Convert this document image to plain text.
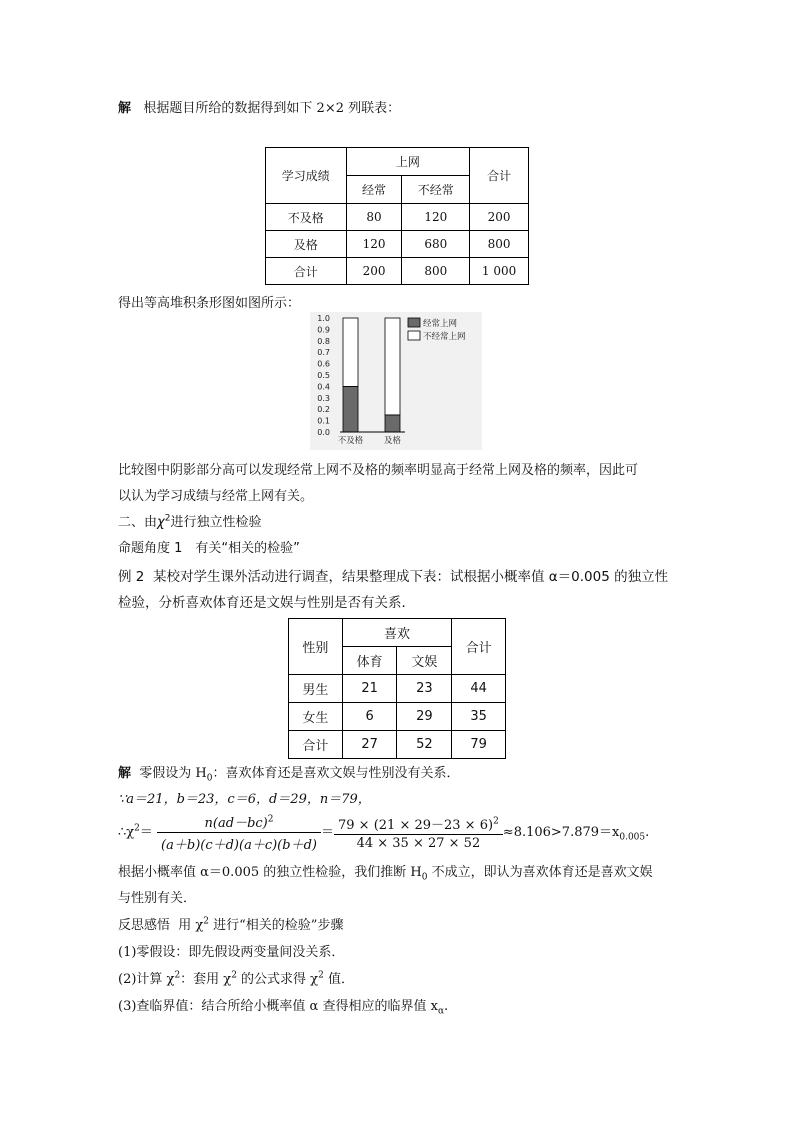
解 根据题目所给的数据得到如下 2×2 列联表：
学习成绩	上网		合计
	经常	不经常	
不及格	80	120	200
及格	120	680	800
合计	200	800	1 000
得出等高堆积条形图如图所示：
1.0
0.9
0.8
0.7
0.6
0.5
0.4
0.3
0.2
0.1
0.0
不及格 及格
经常上网
不经常上网
比较图中阴影部分高可以发现经常上网不及格的频率明显高于经常上网及格的频率，因此可
以认为学习成绩与经常上网有关。
二、由$\chi^2$进行独立性检验
命题角度 1　有关“相关的检验”
例 2 某校对学生课外活动进行调查，结果整理成下表：试根据小概率值 α＝0.005 的独立性
检验，分析喜欢体育还是文娱与性别是否有关系．
性别	喜欢		合计
	体育	文娱	
男生	21	23	44
女生	6	29	35
合计	27	52	79
解 零假设为 $H_0$：喜欢体育还是喜欢文娱与性别没有关系．
∵a＝21，b＝23，c＝6，d＝29，n＝79，
$\therefore\chi^2= \frac{n(ad-bc)^2}{(a+b)(c+d)(a+c)(b+d)} = \frac{79 \times (21 \times 29-23 \times 6)^2}{44 \times 35 \times 27 \times 52} \approx 8.106>7.879=x_{0.005}$.
根据小概率值 α＝0.005 的独立性检验，我们推断 $H_0$ 不成立，即认为喜欢体育还是喜欢文娱
与性别有关．
反思感悟 用 $\chi^2$ 进行“相关的检验”步骤
(1)零假设：即先假设两变量间没关系．
(2)计算 $\chi^2$：套用 $\chi^2$ 的公式求得 $\chi^2$ 值．
(3)查临界值：结合所给小概率值 α 查得相应的临界值 $x_\alpha$.
